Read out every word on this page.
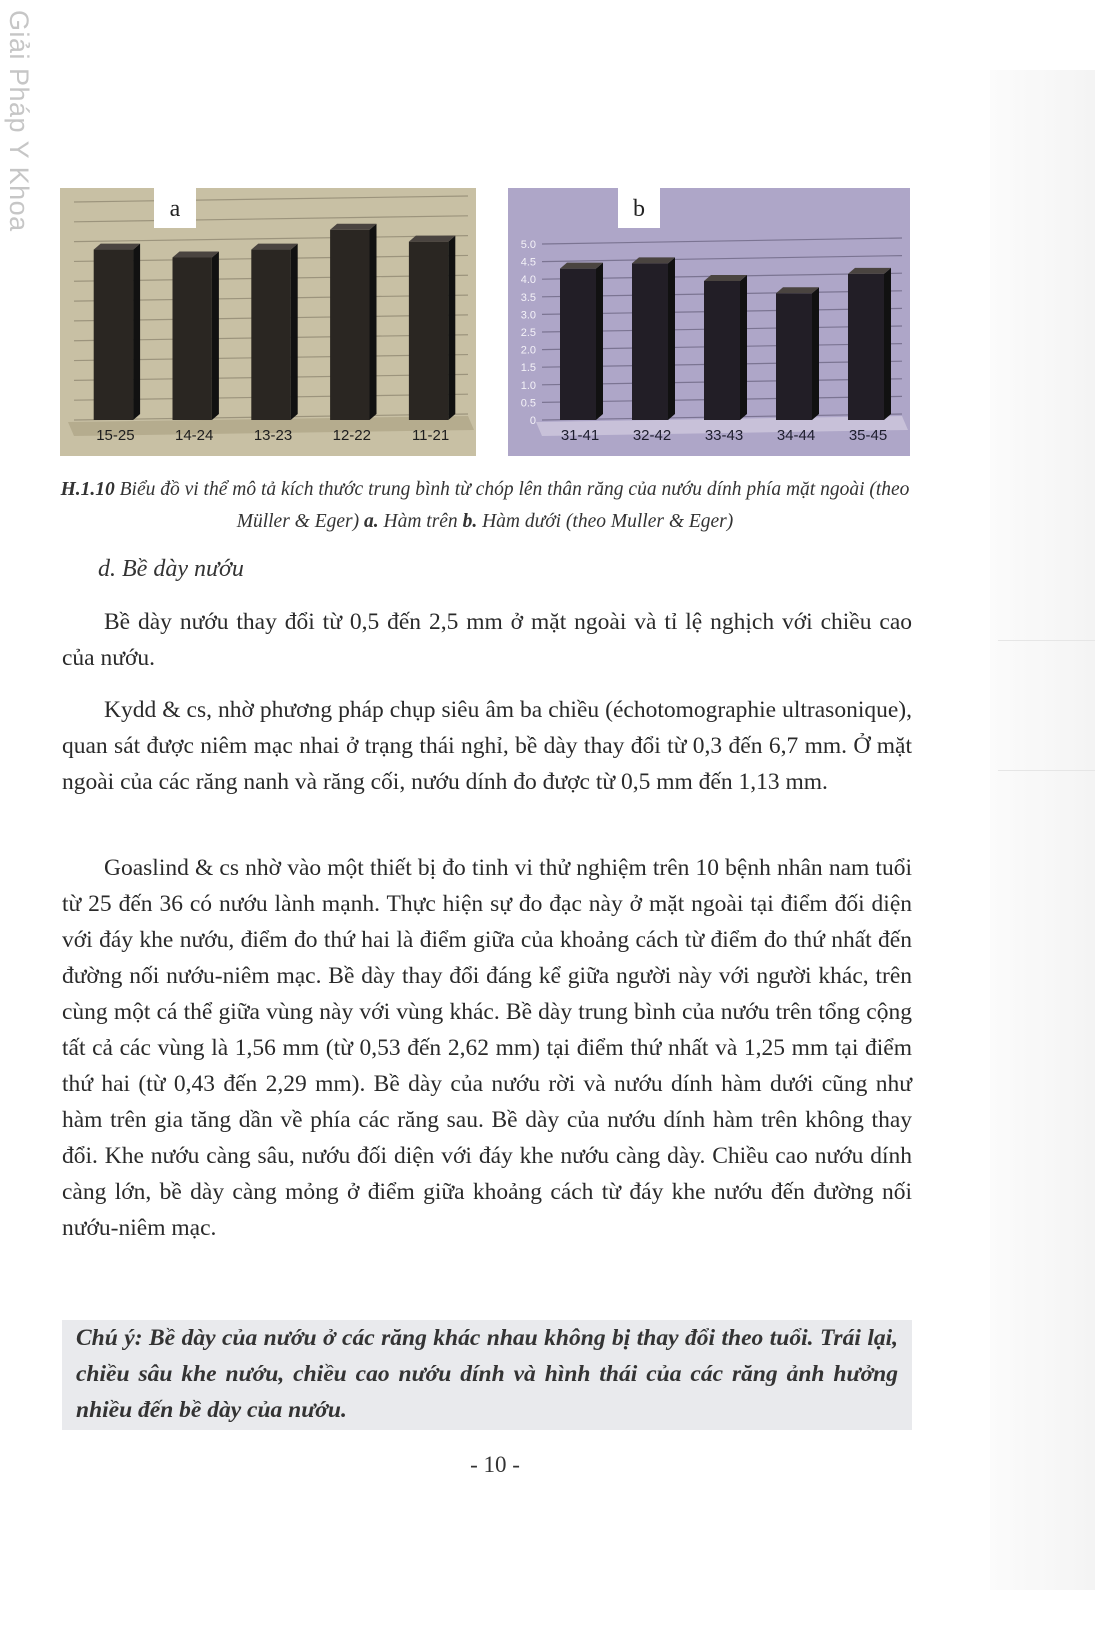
Giải Pháp Y Khoa
15-25	14-24	13-23	12-22	11-21
a
0
0.5
1.0
1.5
2.0
2.5
3.0
3.5
4.0
4.5
5.0
31-41 32-42 33-43 34-44 35-45
b
H.1.10 Biểu đồ vi thể mô tả kích thước trung bình từ chóp lên thân răng của nướu dính phía mặt ngoài (theo Müller & Eger) a. Hàm trên b. Hàm dưới (theo Muller & Eger)
d. Bề dày nướu

Bề dày nướu thay đổi từ 0,5 đến 2,5 mm ở mặt ngoài và tỉ lệ nghịch với chiều cao của nướu.

Kydd & cs, nhờ phương pháp chụp siêu âm ba chiều (échotomographie ultrasonique), quan sát được niêm mạc nhai ở trạng thái nghỉ, bề dày thay đổi từ 0,3 đến 6,7 mm. Ở mặt ngoài của các răng nanh và răng cối, nướu dính đo được từ 0,5 mm đến 1,13 mm.

Goaslind & cs nhờ vào một thiết bị đo tinh vi thử nghiệm trên 10 bệnh nhân nam tuổi từ 25 đến 36 có nướu lành mạnh. Thực hiện sự đo đạc này ở mặt ngoài tại điểm đối diện với đáy khe nướu, điểm đo thứ hai là điểm giữa của khoảng cách từ điểm đo thứ nhất đến đường nối nướu-niêm mạc. Bề dày thay đổi đáng kể giữa người này với người khác, trên cùng một cá thể giữa vùng này với vùng khác. Bề dày trung bình của nướu trên tổng cộng tất cả các vùng là 1,56 mm (từ 0,53 đến 2,62 mm) tại điểm thứ nhất và 1,25 mm tại điểm thứ hai (từ 0,43 đến 2,29 mm). Bề dày của nướu rời và nướu dính hàm dưới cũng như hàm trên gia tăng dần về phía các răng sau. Bề dày của nướu dính hàm trên không thay đổi. Khe nướu càng sâu, nướu đối diện với đáy khe nướu càng dày. Chiều cao nướu dính càng lớn, bề dày càng mỏng ở điểm giữa khoảng cách từ đáy khe nướu đến đường nối nướu-niêm mạc.

Chú ý: Bề dày của nướu ở các răng khác nhau không bị thay đổi theo tuổi. Trái lại, chiều sâu khe nướu, chiều cao nướu dính và hình thái của các răng ảnh hưởng nhiều đến bề dày của nướu.

- 10 -
